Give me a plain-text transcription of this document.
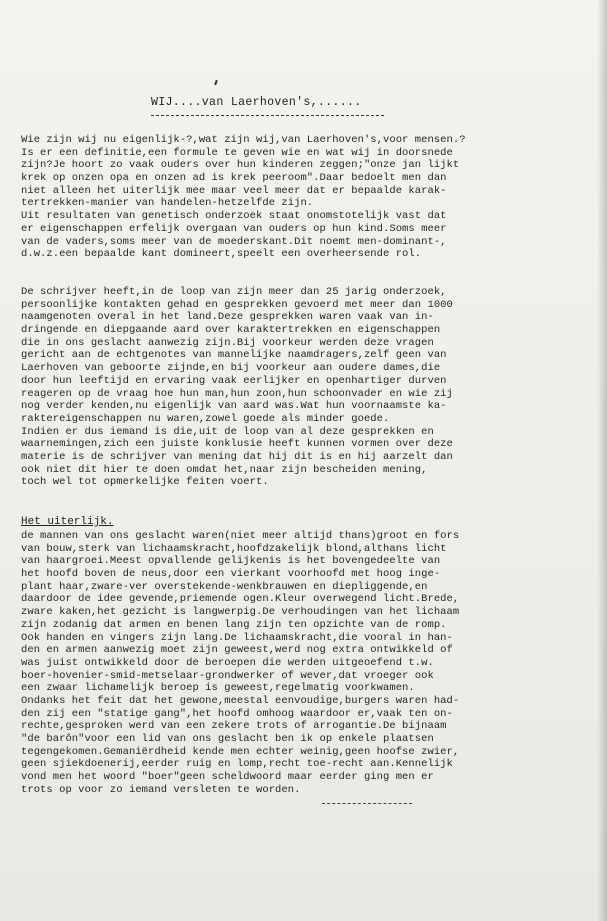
WIJ....van Laerhoven's,......
Wie zijn wij nu eigenlijk-?,wat zijn wij,van Laerhoven's,voor mensen.?
Is er een definitie,een formule te geven wie en wat wij in doorsnede
zijn?Je hoort zo vaak ouders over hun kinderen zeggen;"onze jan lijkt
krek op onzen opa en onzen ad is krek peeroom".Daar bedoelt men dan
niet alleen het uiterlijk mee maar veel meer dat er bepaalde karak-
tertrekken-manier van handelen-hetzelfde zijn.
Uit resultaten van genetisch onderzoek staat onomstotelijk vast dat
er eigenschappen erfelijk overgaan van ouders op hun kind.Soms meer
van de vaders,soms meer van de moederskant.Dit noemt men-dominant-,
d.w.z.een bepaalde kant domineert,speelt een overheersende rol.
De schrijver heeft,in de loop van zijn meer dan 25 jarig onderzoek,
persoonlijke kontakten gehad en gesprekken gevoerd met meer dan 1000
naamgenoten overal in het land.Deze gesprekken waren vaak van in-
dringende en diepgaande aard over karaktertrekken en eigenschappen
die in ons geslacht aanwezig zijn.Bij voorkeur werden deze vragen
gericht aan de echtgenotes van mannelijke naamdragers,zelf geen van
Laerhoven van geboorte zijnde,en bij voorkeur aan oudere dames,die
door hun leeftijd en ervaring vaak eerlijker en openhartiger durven
reageren op de vraag hoe hun man,hun zoon,hun schoonvader en wie zij
nog verder kenden,nu eigenlijk van aard was.Wat hun voornaamste ka-
raktereigenschappen nu waren,zowel goede als minder goede.
Indien er dus iemand is die,uit de loop van al deze gesprekken en
waarnemingen,zich een juiste konklusie heeft kunnen vormen over deze
materie is de schrijver van mening dat hij dit is en hij aarzelt dan
ook niet dit hier te doen omdat het,naar zijn bescheiden mening,
toch wel tot opmerkelijke feiten voert.
Het uiterlijk.
de mannen van ons geslacht waren(niet meer altijd thans)groot en fors
van bouw,sterk van lichaamskracht,hoofdzakelijk blond,althans licht
van haargroei.Meest opvallende gelijkenis is het bovengedeelte van
het hoofd boven de neus,door een vierkant voorhoofd met hoog inge-
plant haar,zware-ver overstekende-wenkbrauwen en diepliggende,en
daardoor de idee gevende,priemende ogen.Kleur overwegend licht.Brede,
zware kaken,het gezicht is langwerpig.De verhoudingen van het lichaam
zijn zodanig dat armen en benen lang zijn ten opzichte van de romp.
Ook handen en vingers zijn lang.De lichaamskracht,die vooral in han-
den en armen aanwezig moet zijn geweest,werd nog extra ontwikkeld of
was juist ontwikkeld door de beroepen die werden uitgeoefend t.w.
boer-hovenier-smid-metselaar-grondwerker of wever,dat vroeger ook
een zwaar lichamelijk beroep is geweest,regelmatig voorkwamen.
Ondanks het feit dat het gewone,meestal eenvoudige,burgers waren had-
den zij een "statige gang",het hoofd omhoog waardoor er,vaak ten on-
rechte,gesproken werd van een zekere trots of arrogantie.De bijnaam
"de barôn"voor een lid van ons geslacht ben ik op enkele plaatsen
tegengekomen.Gemaniërdheid kende men echter weinig,geen hoofse zwier,
geen sjiekdoenerij,eerder ruig en lomp,recht toe-recht aan.Kennelijk
vond men het woord "boer"geen scheldwoord maar eerder ging men er
trots op voor zo iemand versleten te worden.
